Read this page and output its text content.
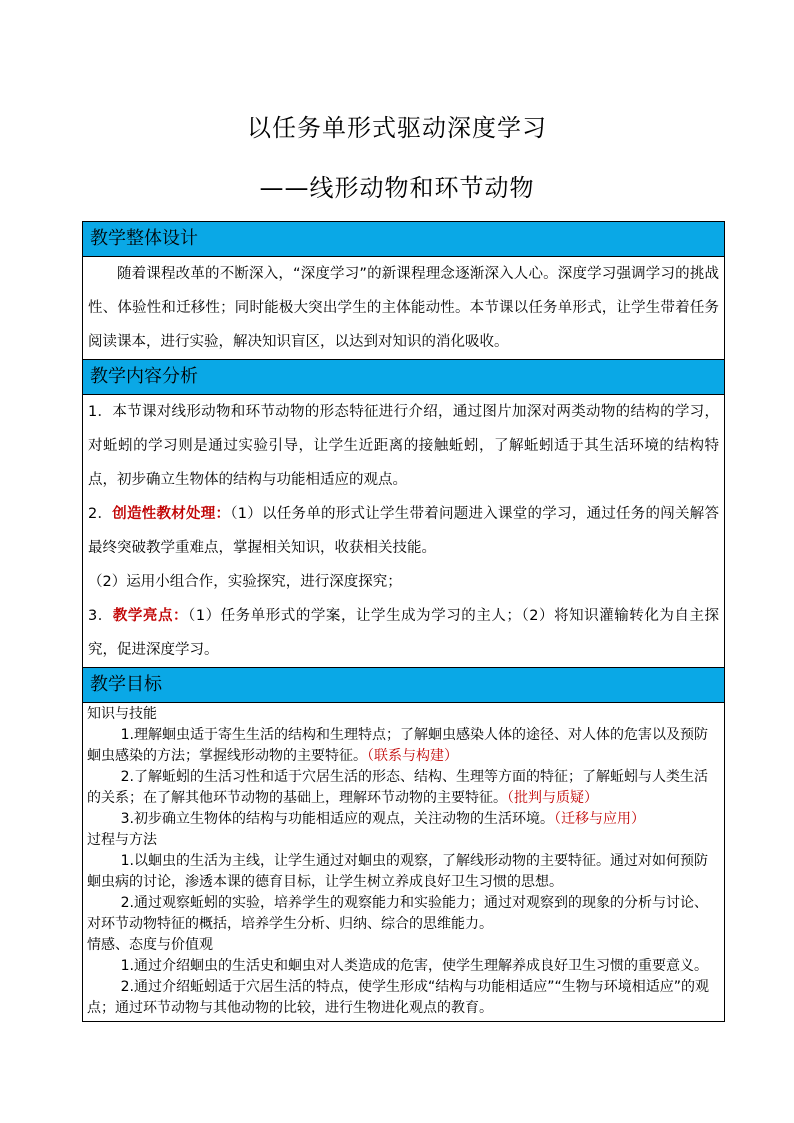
以任务单形式驱动深度学习
——线形动物和环节动物
教学整体设计

随着课程改革的不断深入，“深度学习”的新课程理念逐渐深入人心。深度学习强调学习的挑战性、体验性和迁移性；同时能极大突出学生的主体能动性。本节课以任务单形式，让学生带着任务阅读课本，进行实验，解决知识盲区，以达到对知识的消化吸收。

教学内容分析

1．本节课对线形动物和环节动物的形态特征进行介绍，通过图片加深对两类动物的结构的学习，对蚯蚓的学习则是通过实验引导，让学生近距离的接触蚯蚓，了解蚯蚓适于其生活环境的结构特点，初步确立生物体的结构与功能相适应的观点。

2．创造性教材处理：（1）以任务单的形式让学生带着问题进入课堂的学习，通过任务的闯关解答最终突破教学重难点，掌握相关知识，收获相关技能。

（2）运用小组合作，实验探究，进行深度探究；

3．教学亮点：（1）任务单形式的学案，让学生成为学习的主人；（2）将知识灌输转化为自主探究，促进深度学习。

教学目标

知识与技能

1.理解蛔虫适于寄生生活的结构和生理特点；了解蛔虫感染人体的途径、对人体的危害以及预防蛔虫感染的方法；掌握线形动物的主要特征。（联系与构建）

2.了解蚯蚓的生活习性和适于穴居生活的形态、结构、生理等方面的特征；了解蚯蚓与人类生活的关系；在了解其他环节动物的基础上，理解环节动物的主要特征。（批判与质疑）

3.初步确立生物体的结构与功能相适应的观点，关注动物的生活环境。（迁移与应用）

过程与方法

1.以蛔虫的生活为主线，让学生通过对蛔虫的观察，了解线形动物的主要特征。通过对如何预防蛔虫病的讨论，渗透本课的德育目标，让学生树立养成良好卫生习惯的思想。

2.通过观察蚯蚓的实验，培养学生的观察能力和实验能力；通过对观察到的现象的分析与讨论、对环节动物特征的概括，培养学生分析、归纳、综合的思维能力。

情感、态度与价值观

1.通过介绍蛔虫的生活史和蛔虫对人类造成的危害，使学生理解养成良好卫生习惯的重要意义。

2.通过介绍蚯蚓适于穴居生活的特点，使学生形成“结构与功能相适应”“生物与环境相适应”的观点；通过环节动物与其他动物的比较，进行生物进化观点的教育。
